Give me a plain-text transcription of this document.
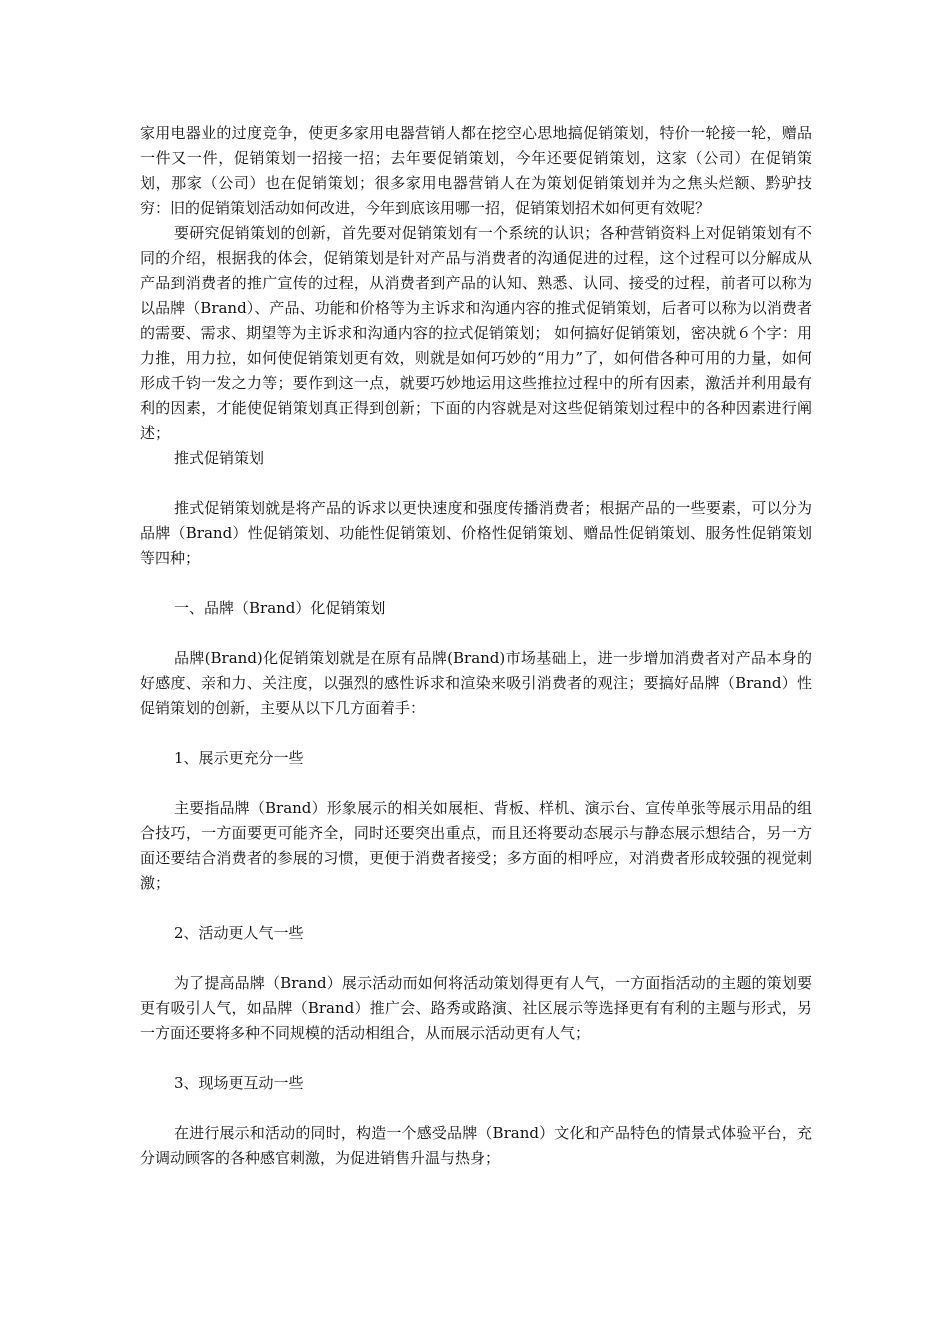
家用电器业的过度竞争，使更多家用电器营销人都在挖空心思地搞促销策划，特价一轮接一轮，赠品一件又一件，促销策划一招接一招；去年要促销策划，今年还要促销策划，这家（公司）在促销策划，那家（公司）也在促销策划；很多家用电器营销人在为策划促销策划并为之焦头烂额、黔驴技穷：旧的促销策划活动如何改进，今年到底该用哪一招，促销策划招术如何更有效呢？

要研究促销策划的创新，首先要对促销策划有一个系统的认识；各种营销资料上对促销策划有不同的介绍，根据我的体会，促销策划是针对产品与消费者的沟通促进的过程，这个过程可以分解成从产品到消费者的推广宣传的过程，从消费者到产品的认知、熟悉、认同、接受的过程，前者可以称为以品牌（Brand）、产品、功能和价格等为主诉求和沟通内容的推式促销策划，后者可以称为以消费者的需要、需求、期望等为主诉求和沟通内容的拉式促销策划； 如何搞好促销策划，密决就６个字：用力推，用力拉，如何使促销策划更有效，则就是如何巧妙的“用力”了，如何借各种可用的力量，如何形成千钧一发之力等；要作到这一点，就要巧妙地运用这些推拉过程中的所有因素，激活并利用最有利的因素，才能使促销策划真正得到创新；下面的内容就是对这些促销策划过程中的各种因素进行阐述；

推式促销策划

推式促销策划就是将产品的诉求以更快速度和强度传播消费者；根据产品的一些要素，可以分为品牌（Brand）性促销策划、功能性促销策划、价格性促销策划、赠品性促销策划、服务性促销策划等四种；

一、品牌（Brand）化促销策划

品牌(Brand)化促销策划就是在原有品牌(Brand)市场基础上，进一步增加消费者对产品本身的好感度、亲和力、关注度，以强烈的感性诉求和渲染来吸引消费者的观注；要搞好品牌（Brand）性促销策划的创新，主要从以下几方面着手：

1、展示更充分一些

主要指品牌（Brand）形象展示的相关如展柜、背板、样机、演示台、宣传单张等展示用品的组合技巧，一方面要更可能齐全，同时还要突出重点，而且还将要动态展示与静态展示想结合，另一方面还要结合消费者的参展的习惯，更便于消费者接受；多方面的相呼应，对消费者形成较强的视觉刺激；

2、活动更人气一些

为了提高品牌（Brand）展示活动而如何将活动策划得更有人气，一方面指活动的主题的策划要更有吸引人气，如品牌（Brand）推广会、路秀或路演、社区展示等选择更有有利的主题与形式，另一方面还要将多种不同规模的活动相组合，从而展示活动更有人气；

3、现场更互动一些

在进行展示和活动的同时，构造一个感受品牌（Brand）文化和产品特色的情景式体验平台，充分调动顾客的各种感官刺激，为促进销售升温与热身；
